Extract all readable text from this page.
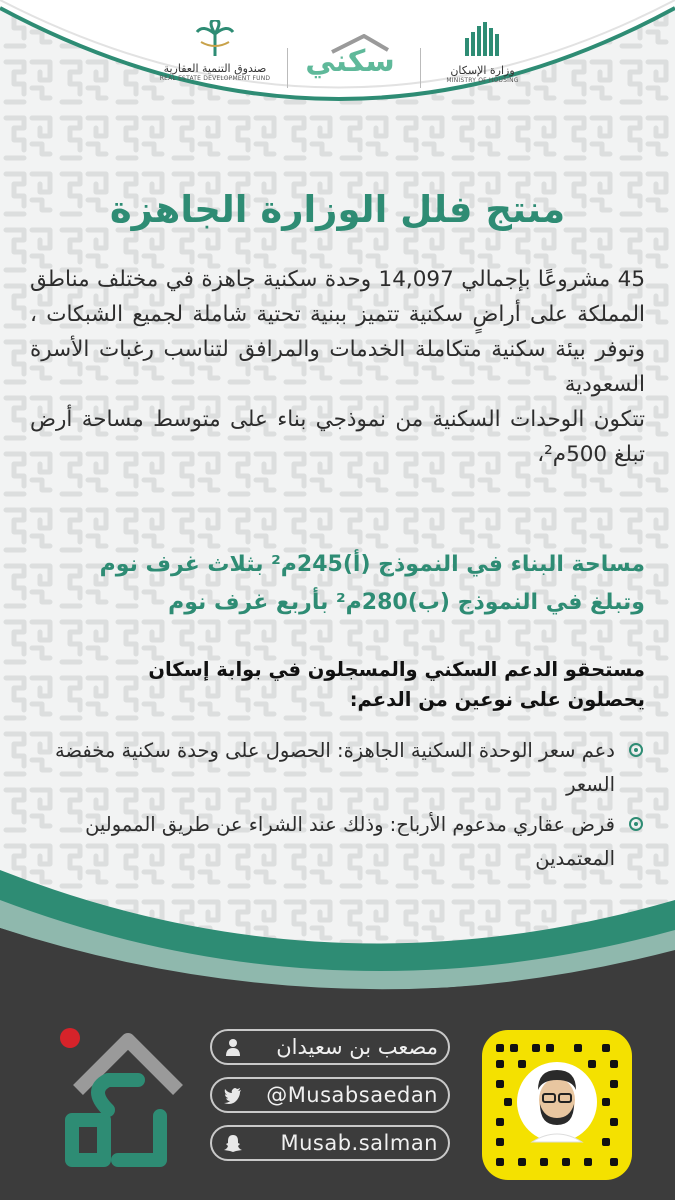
صندوق التنمية العقارية
REAL ESTATE DEVELOPMENT FUND	سكني	وزارة الإسكان
MINISTRY OF HOUSING
منتج فلل الوزارة الجاهزة
45 مشروعًا بإجمالي 14,097 وحدة سكنية جاهزة في مختلف مناطق المملكة على أراضٍ سكنية تتميز ببنية تحتية شاملة لجميع الشبكات ، وتوفر بيئة سكنية متكاملة الخدمات والمرافق لتناسب رغبات الأسرة السعودية
تتكون الوحدات السكنية من نموذجي بناء على متوسط مساحة أرض تبلغ 500م²،
مساحة البناء في النموذج (أ)245م² بثلاث غرف نوم
وتبلغ في النموذج (ب)280م² بأربع غرف نوم
مستحقو الدعم السكني والمسجلون في بوابة إسكان
يحصلون على نوعين من الدعم:
دعم سعر الوحدة السكنية الجاهزة: الحصول على وحدة سكنية مخفضة السعر
قرض عقاري مدعوم الأرباح: وذلك عند الشراء عن طريق الممولين المعتمدين
مصعب بن سعيدان
@Musabsaedan
Musab.salman
